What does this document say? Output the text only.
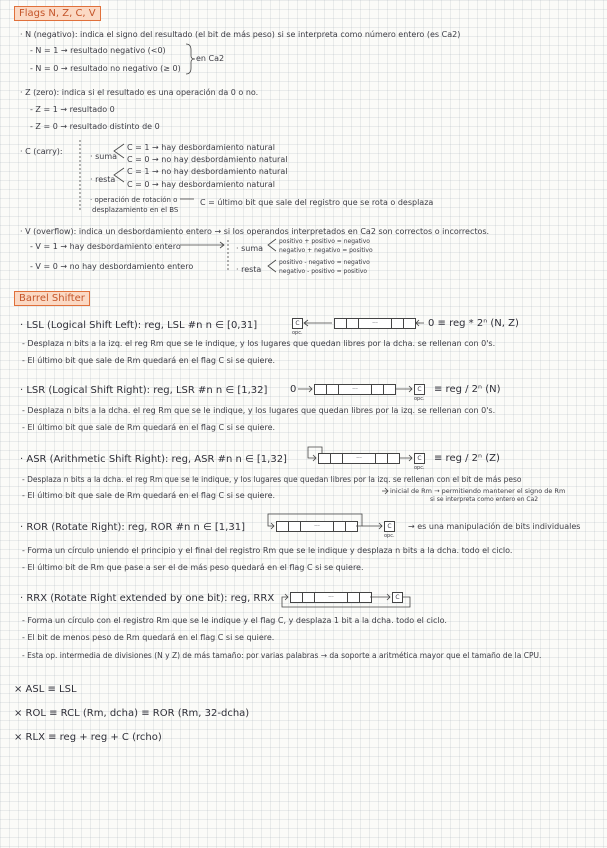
Flags N, Z, C, V
· N (negativo): indica el signo del resultado (el bit de más peso) si se interpreta como número entero (es Ca2)
- N = 1 → resultado negativo (<0)
- N = 0 → resultado no negativo (≥ 0)
en Ca2
· Z (zero): indica si el resultado es una operación da 0 o no.
- Z = 1 → resultado 0
- Z = 0 → resultado distinto de 0
· C (carry):
· suma
C = 1 → hay desbordamiento natural
C = 0 → no hay desbordamiento natural
· resta
C = 1 → no hay desbordamiento natural
C = 0 → hay desbordamiento natural
· operación de rotación o
desplazamiento en el BS
C = último bit que sale del registro que se rota o desplaza
· V (overflow): indica un desbordamiento entero → si los operandos interpretados en Ca2 son correctos o incorrectos.
- V = 1 → hay desbordamiento entero
- V = 0 → no hay desbordamiento entero
· suma
positivo + positivo = negativo
negativo + negativo = positivo
· resta
positivo - negativo = negativo
negativo - positivo = positivo
Barrel Shifter
· LSL (Logical Shift Left): reg, LSL #n n ∈ [0,31]	C
opc.
···	0 ≡ reg * 2ⁿ (N, Z)
- Desplaza n bits a la izq. el reg Rm que se le indique, y los lugares que quedan libres por la dcha. se rellenan con 0's.
- El último bit que sale de Rm quedará en el flag C si se quiere.
· LSR (Logical Shift Right): reg, LSR #n n ∈ [1,32] 0	···	C
opc.
≡ reg / 2ⁿ (N)
- Desplaza n bits a la dcha. el reg Rm que se le indique, y los lugares que quedan libres por la izq. se rellenan con 0's.
- El último bit que sale de Rm quedará en el flag C si se quiere.
· ASR (Arithmetic Shift Right): reg, ASR #n n ∈ [1,32]	···	C
opc.
≡ reg / 2ⁿ (Z)
- Desplaza n bits a la dcha. el reg Rm que se le indique, y los lugares que quedan libres por la izq. se rellenan con el bit de más peso
inicial de Rm → permitiendo mantener el signo de Rm
si se interpreta como entero en Ca2
- El último bit que sale de Rm quedará en el flag C si se quiere.
· ROR (Rotate Right): reg, ROR #n n ∈ [1,31]	···	C
opc.
→ es una manipulación de bits individuales
- Forma un círculo uniendo el principio y el final del registro Rm que se le indique y desplaza n bits a la dcha. todo el ciclo.
- El último bit de Rm que pase a ser el de más peso quedará en el flag C si se quiere.
· RRX (Rotate Right extended by one bit): reg, RRX	···	C
- Forma un círculo con el registro Rm que se le indique y el flag C, y desplaza 1 bit a la dcha. todo el ciclo.
- El bit de menos peso de Rm quedará en el flag C si se quiere.
- Esta op. intermedia de divisiones (N y Z) de más tamaño: por varias palabras → da soporte a aritmética mayor que el tamaño de la CPU.
× ASL ≡ LSL
× ROL ≡ RCL (Rm, dcha) ≡ ROR (Rm, 32-dcha)
× RLX ≡ reg + reg + C (rcho)
